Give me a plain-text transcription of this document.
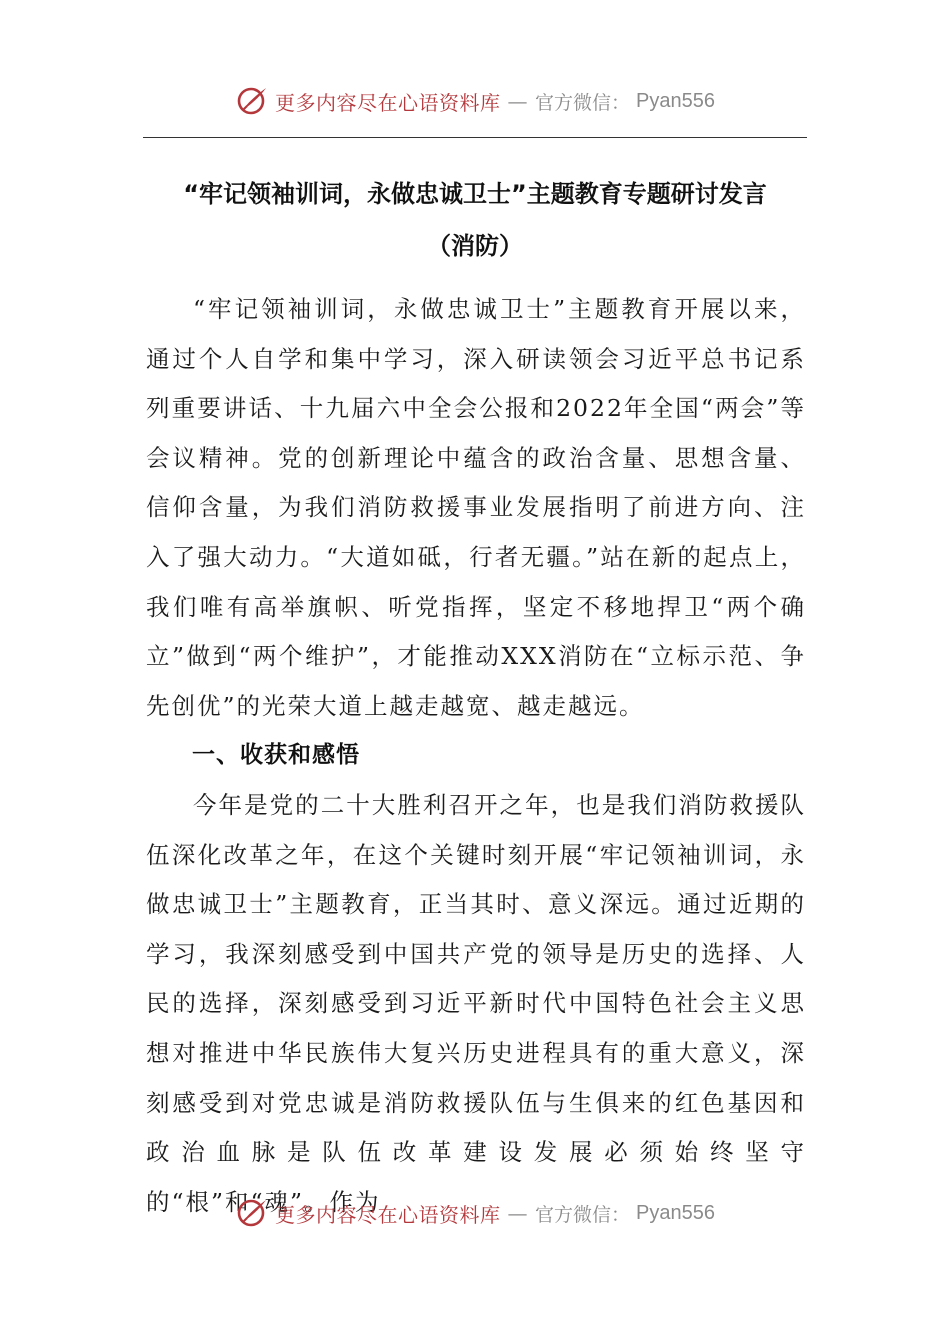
更多内容尽在心语资料库 — 官方微信： Pyan556
“牢记领袖训词，永做忠诚卫士”主题教育专题研讨发言
（消防）

“牢记领袖训词，永做忠诚卫士”主题教育开展以来，通过个人自学和集中学习，深入研读领会习近平总书记系列重要讲话、十九届六中全会公报和2022年全国“两会”等会议精神。党的创新理论中蕴含的政治含量、思想含量、信仰含量，为我们消防救援事业发展指明了前进方向、注入了强大动力。“大道如砥，行者无疆。”站在新的起点上，我们唯有高举旗帜、听党指挥，坚定不移地捍卫“两个确立”做到“两个维护”，才能推动XXX消防在“立标示范、争先创优”的光荣大道上越走越宽、越走越远。

一、收获和感悟

今年是党的二十大胜利召开之年，也是我们消防救援队伍深化改革之年，在这个关键时刻开展“牢记领袖训词，永做忠诚卫士”主题教育，正当其时、意义深远。通过近期的学习，我深刻感受到中国共产党的领导是历史的选择、人民的选择，深刻感受到习近平新时代中国特色社会主义思想对推进中华民族伟大复兴历史进程具有的重大意义，深刻感受到对党忠诚是消防救援队伍与生俱来的红色基因和政治血脉是队伍改革建设发展必须始终坚守的“根”和“魂”。作为

更多内容尽在心语资料库 — 官方微信： Pyan556
